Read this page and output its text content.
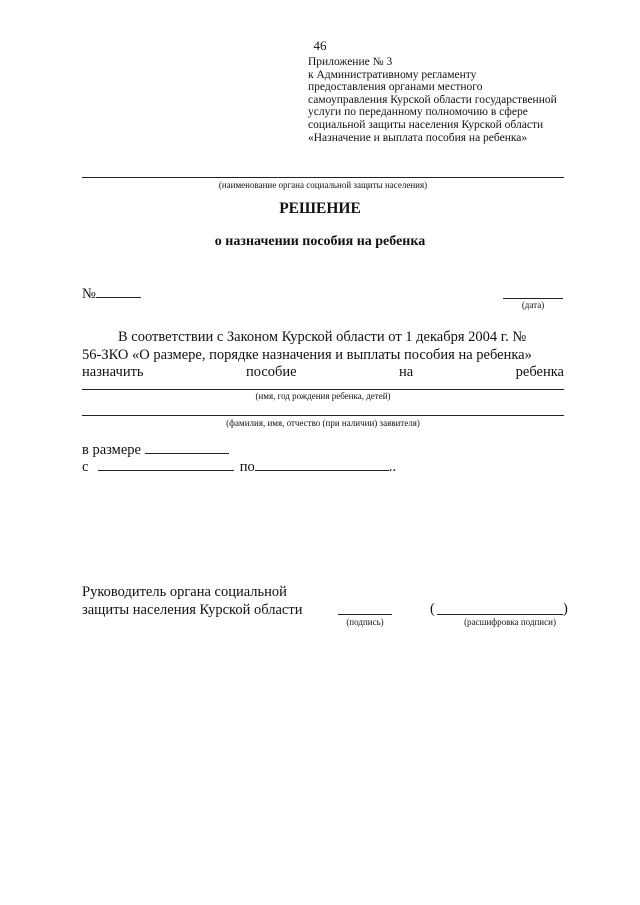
46
Приложение № 3
к Административному регламенту
предоставления органами местного
самоуправления Курской области государственной
услуги по переданному полномочию в сфере
социальной защиты населения Курской области
«Назначение и выплата пособия на ребенка»
(наименование органа социальной защиты населения)
РЕШЕНИЕ
о назначении пособия на ребенка
№
(дата)
В соответствии с Законом Курской области от 1 декабря 2004 г. №
56-ЗКО «О размере, порядке назначения и выплаты пособия на ребенка»
назначить	пособие	на	ребенка
(имя, год рождения ребенка, детей)
(фамилия, имя, отчество (при наличии) заявителя)
в размере
с	по	..
Руководитель органа социальной
защиты населения Курской области
(подпись)
(	)
(расшифровка подписи)
